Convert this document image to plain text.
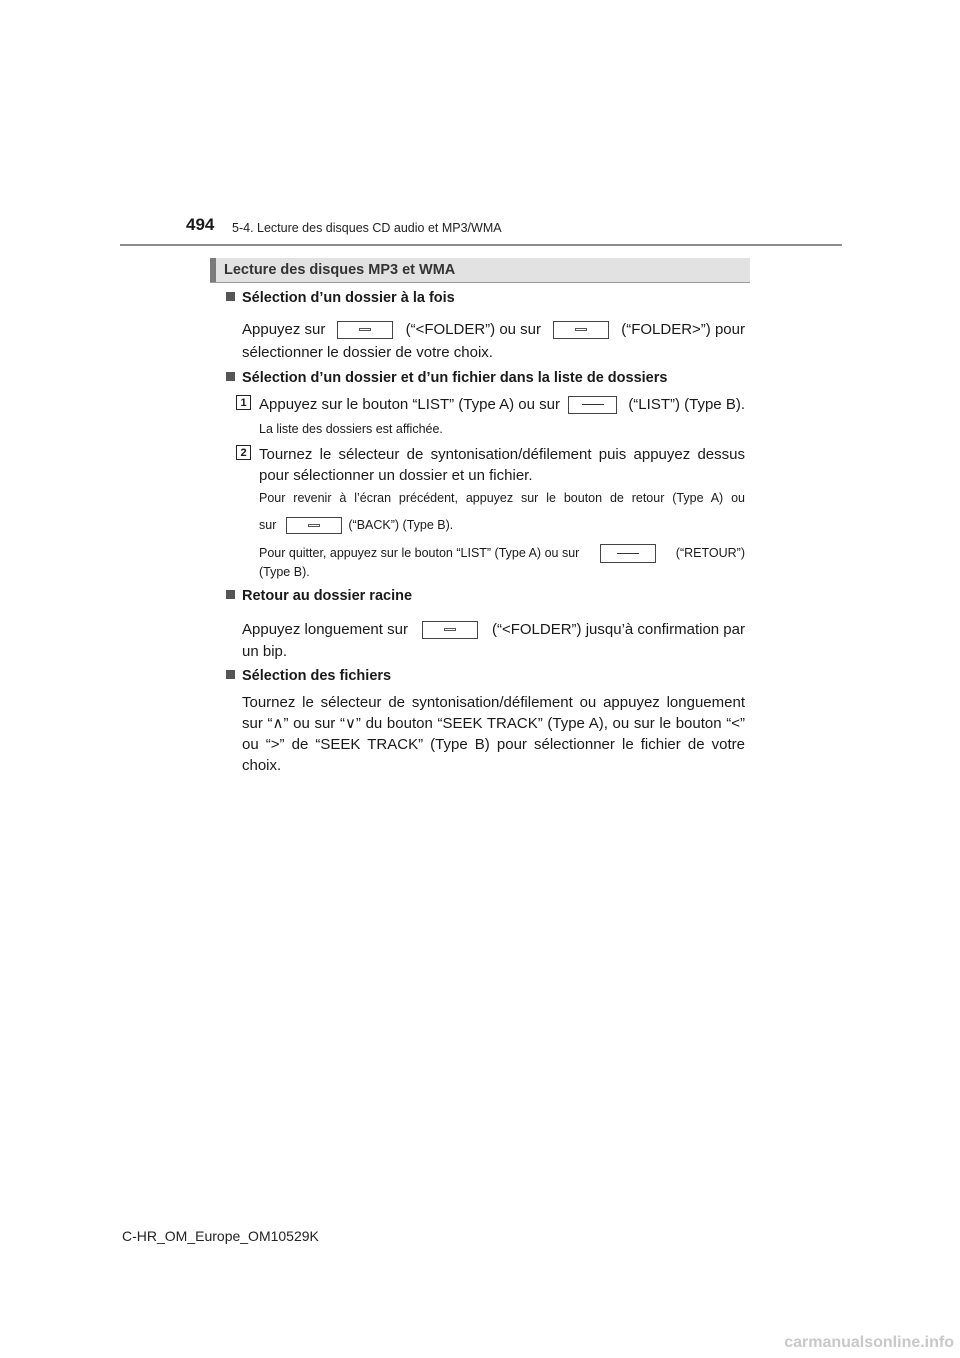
494 5-4. Lecture des disques CD audio et MP3/WMA
Lecture des disques MP3 et WMA
Sélection d’un dossier à la fois
Appuyez sur	(“<FOLDER”) ou sur	(“FOLDER>”) pour
sélectionner le dossier de votre choix.
Sélection d’un dossier et d’un fichier dans la liste de dossiers
1 Appuyez sur le bouton “LIST” (Type A) ou sur	(“LIST”) (Type B).
La liste des dossiers est affichée.
2 Tournez le sélecteur de syntonisation/défilement puis appuyez dessus pour sélectionner un dossier et un fichier.
Pour revenir à l’écran précédent, appuyez sur le bouton de retour (Type A) ou
sur	(“BACK”) (Type B).
Pour quitter, appuyez sur le bouton “LIST” (Type A) ou sur	(“RETOUR”)
(Type B).
Retour au dossier racine
Appuyez longuement sur	(“<FOLDER”) jusqu’à confirmation par
un bip.
Sélection des fichiers
Tournez le sélecteur de syntonisation/défilement ou appuyez longuement sur “∧” ou sur “∨” du bouton “SEEK TRACK” (Type A), ou sur le bouton “<” ou “>” de “SEEK TRACK” (Type B) pour sélectionner le fichier de votre choix.
C-HR_OM_Europe_OM10529K
carmanualsonline.info
